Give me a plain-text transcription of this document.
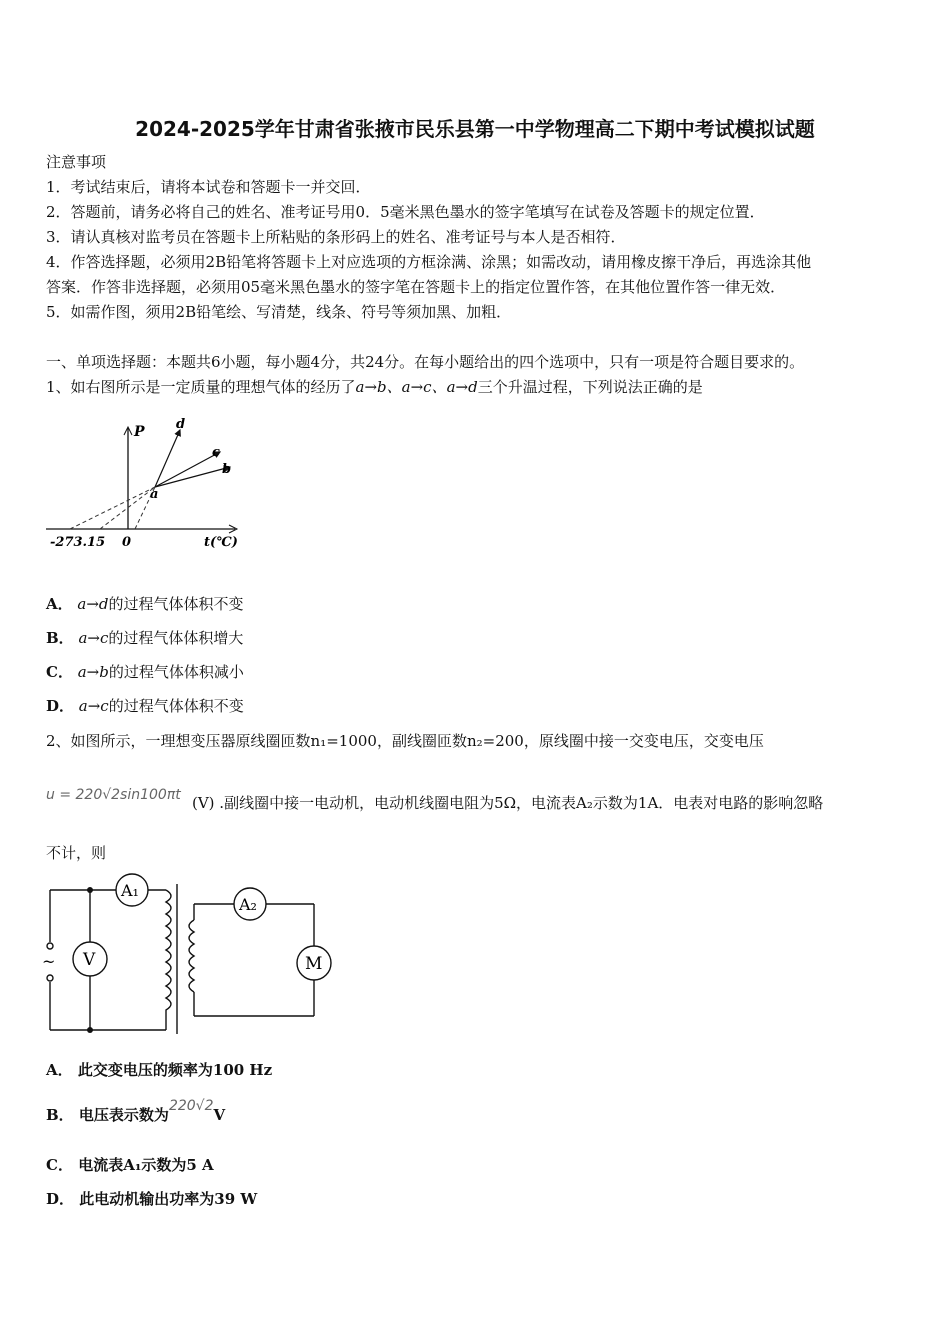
2024-2025学年甘肃省张掖市民乐县第一中学物理高二下期中考试模拟试题
注意事项
1．考试结束后，请将本试卷和答题卡一并交回．
2．答题前，请务必将自己的姓名、准考证号用0．5毫米黑色墨水的签字笔填写在试卷及答题卡的规定位置．
3．请认真核对监考员在答题卡上所粘贴的条形码上的姓名、准考证号与本人是否相符．
4．作答选择题，必须用2B铅笔将答题卡上对应选项的方框涂满、涂黑；如需改动，请用橡皮擦干净后，再选涂其他
答案．作答非选择题，必须用05毫米黑色墨水的签字笔在答题卡上的指定位置作答，在其他位置作答一律无效．
5．如需作图，须用2B铅笔绘、写清楚，线条、符号等须加黑、加粗．
一、单项选择题：本题共6小题，每小题4分，共24分。在每小题给出的四个选项中，只有一项是符合题目要求的。
1、如右图所示是一定质量的理想气体的经历了a→b、a→c、a→d三个升温过程，下列说法正确的是
P
-273.15 0	t(℃)
a
b
c
d
A． a→d的过程气体体积不变
B． a→c的过程气体体积增大
C． a→b的过程气体体积减小
D． a→c的过程气体体积不变
2、如图所示，一理想变压器原线圈匝数n₁=1000，副线圈匝数n₂=200，原线圈中接一交变电压，交变电压
u = 220√2sin100πt (V) .副线圈中接一电动机，电动机线圈电阻为5Ω，电流表A₂示数为1A．电表对电路的影响忽略
不计，则
A₁
A₂
V	M
~
A． 此交变电压的频率为100 Hz
B． 电压表示数为220√2V
C． 电流表A₁示数为5 A
D． 此电动机输出功率为39 W
